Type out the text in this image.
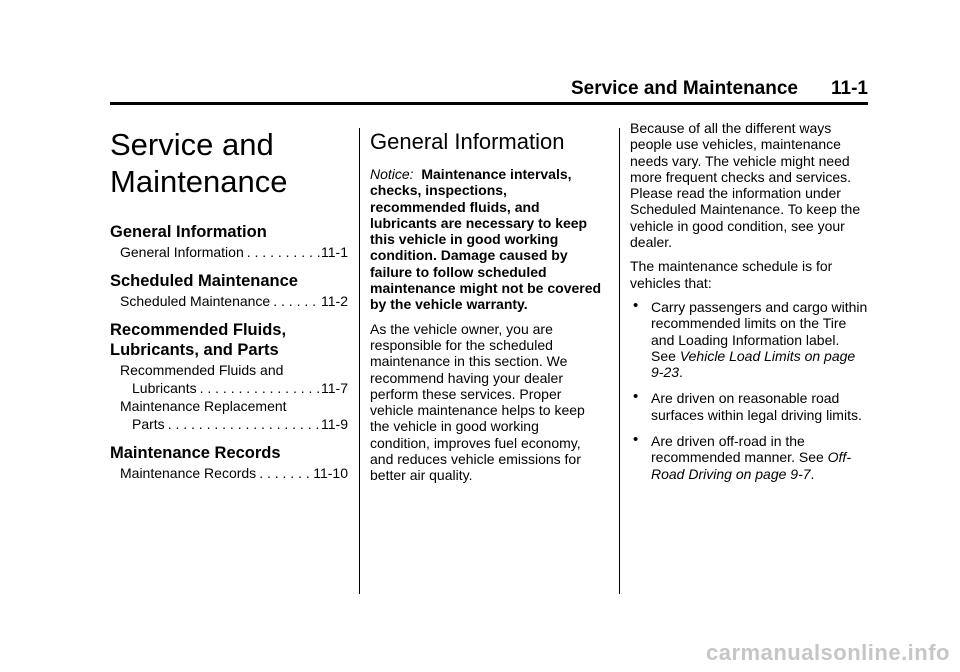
Service and Maintenance 11-1
Service and
Maintenance
General Information
General Information . . .	11-1
Scheduled Maintenance
Scheduled Maintenance . . .	11-2
Recommended Fluids,
Lubricants, and Parts
Recommended Fluids and
Lubricants . . .	11-7
Maintenance Replacement
Parts . . .	11-9
Maintenance Records
Maintenance Records . . .	11-10
General Information

Notice: Maintenance intervals, checks, inspections, recommended fluids, and lubricants are necessary to keep this vehicle in good working condition. Damage caused by failure to follow scheduled maintenance might not be covered by the vehicle warranty.

As the vehicle owner, you are responsible for the scheduled maintenance in this section. We recommend having your dealer perform these services. Proper vehicle maintenance helps to keep the vehicle in good working condition, improves fuel economy, and reduces vehicle emissions for better air quality.

Because of all the different ways people use vehicles, maintenance needs vary. The vehicle might need more frequent checks and services. Please read the information under Scheduled Maintenance. To keep the vehicle in good condition, see your dealer.

The maintenance schedule is for vehicles that:

• Carry passengers and cargo within recommended limits on the Tire and Loading Information label. See Vehicle Load Limits on page 9-23.
• Are driven on reasonable road surfaces within legal driving limits.
• Are driven off-road in the recommended manner. See Off-Road Driving on page 9-7.
carmanualsonline.info
